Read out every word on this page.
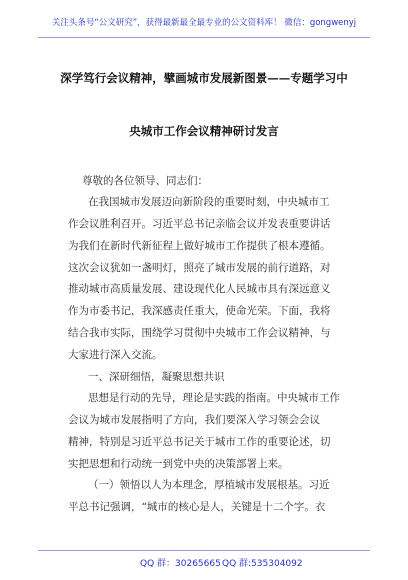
关注头条号“公文研究”，获得最新最全最专业的公文资料库！ 微信：gongwenyj
深学笃行会议精神，擘画城市发展新图景——专题学习中
央城市工作会议精神研讨发言
尊敬的各位领导、同志们：
在我国城市发展迈向新阶段的重要时刻，中央城市工
作会议胜利召开。习近平总书记亲临会议并发表重要讲话
为我们在新时代新征程上做好城市工作提供了根本遵循。
这次会议犹如一盏明灯，照亮了城市发展的前行道路，对
推动城市高质量发展、建设现代化人民城市具有深远意义
作为市委书记，我深感责任重大，使命光荣。下面，我将
结合我市实际，围绕学习贯彻中央城市工作会议精神，与
大家进行深入交流。
一、深研细悟，凝聚思想共识
思想是行动的先导，理论是实践的指南。中央城市工作
会议为城市发展指明了方向，我们要深入学习领会会议
精神，特别是习近平总书记关于城市工作的重要论述，切
实把思想和行动统一到党中央的决策部署上来。
（一）领悟以人为本理念，厚植城市发展根基。习近
平总书记强调，“城市的核心是人，关键是十二个字。衣
QQ 群：30265665 QQ 群:535304092
